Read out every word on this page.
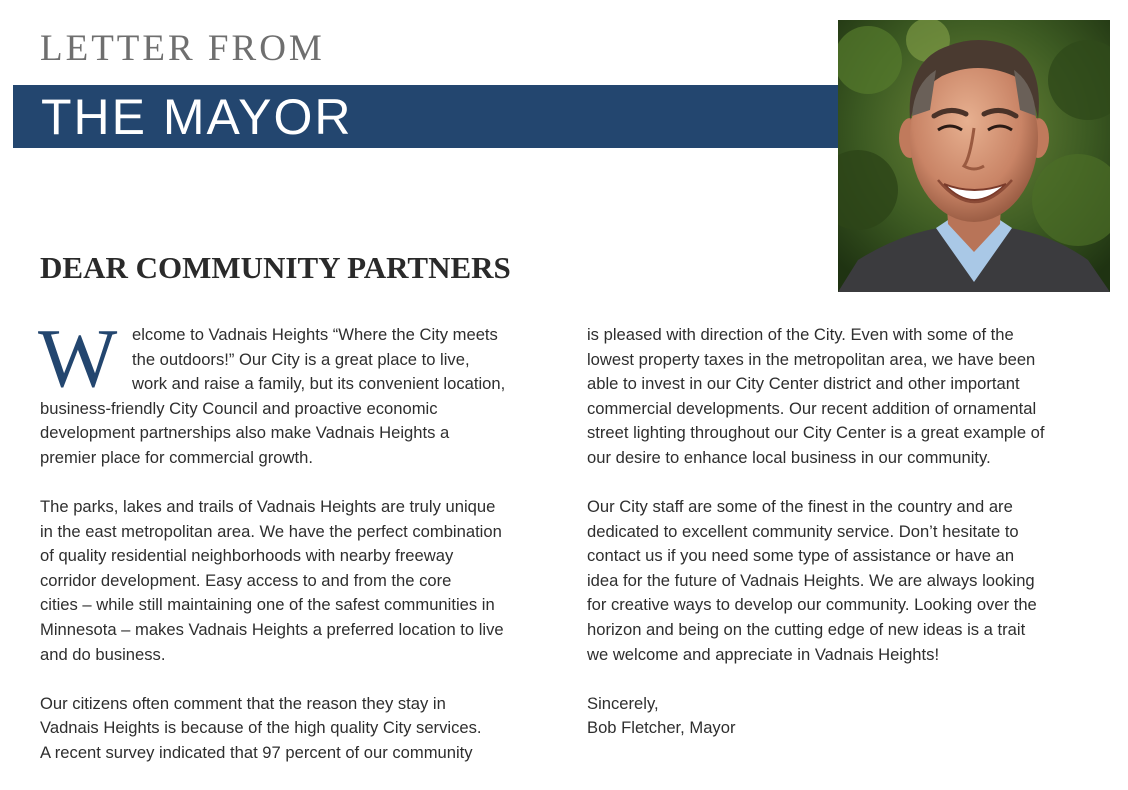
LETTER FROM
THE MAYOR
DEAR COMMUNITY PARTNERS

W elcome to Vadnais Heights “Where the City meets
the outdoors!” Our City is a great place to live,
work and raise a family, but its convenient location,
business-friendly City Council and proactive economic
development partnerships also make Vadnais Heights a
premier place for commercial growth.

The parks, lakes and trails of Vadnais Heights are truly unique
in the east metropolitan area. We have the perfect combination
of quality residential neighborhoods with nearby freeway
corridor development. Easy access to and from the core
cities – while still maintaining one of the safest communities in
Minnesota – makes Vadnais Heights a preferred location to live
and do business.

Our citizens often comment that the reason they stay in
Vadnais Heights is because of the high quality City services.
A recent survey indicated that 97 percent of our community

is pleased with direction of the City. Even with some of the
lowest property taxes in the metropolitan area, we have been
able to invest in our City Center district and other important
commercial developments. Our recent addition of ornamental
street lighting throughout our City Center is a great example of
our desire to enhance local business in our community.

Our City staff are some of the finest in the country and are
dedicated to excellent community service. Don’t hesitate to
contact us if you need some type of assistance or have an
idea for the future of Vadnais Heights. We are always looking
for creative ways to develop our community. Looking over the
horizon and being on the cutting edge of new ideas is a trait
we welcome and appreciate in Vadnais Heights!

Sincerely,
Bob Fletcher, Mayor
